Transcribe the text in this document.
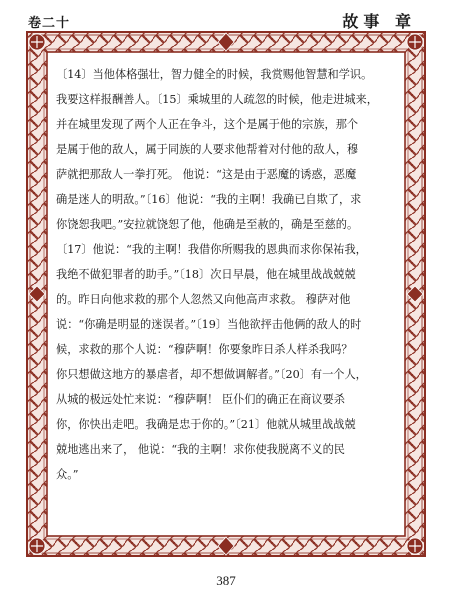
卷二十	故事 章
〔14〕当他体格强壮，智力健全的时候，我赏赐他智慧和学识。
我要这样报酬善人。〔15〕乘城里的人疏忽的时候，他走进城来，
并在城里发现了两个人正在争斗，这个是属于他的宗族，那个
是属于他的敌人，属于同族的人要求他帮着对付他的敌人，穆
萨就把那敌人一拳打死。 他说：“这是由于恶魔的诱惑，恶魔
确是迷人的明敌。”〔16〕他说：“我的主啊！我确已自欺了，求
你饶恕我吧。”安拉就饶恕了他，他确是至赦的，确是至慈的。
〔17〕他说：“我的主啊！我借你所赐我的恩典而求你保祐我，
我绝不做犯罪者的助手。”〔18〕次日早晨，他在城里战战兢兢
的。昨日向他求救的那个人忽然又向他高声求救。 穆萨对他
说：“你确是明显的迷误者。”〔19〕当他欲抨击他俩的敌人的时
候，求救的那个人说：“穆萨啊！你要象昨日杀人样杀我吗？
你只想做这地方的暴虐者，却不想做调解者。”〔20〕有一个人，
从城的极远处忙来说：“穆萨啊！ 臣仆们的确正在商议要杀
你，你快出走吧。我确是忠于你的。”〔21〕他就从城里战战兢
兢地逃出来了， 他说：“我的主啊！求你使我脱离不义的民
众。”
387
